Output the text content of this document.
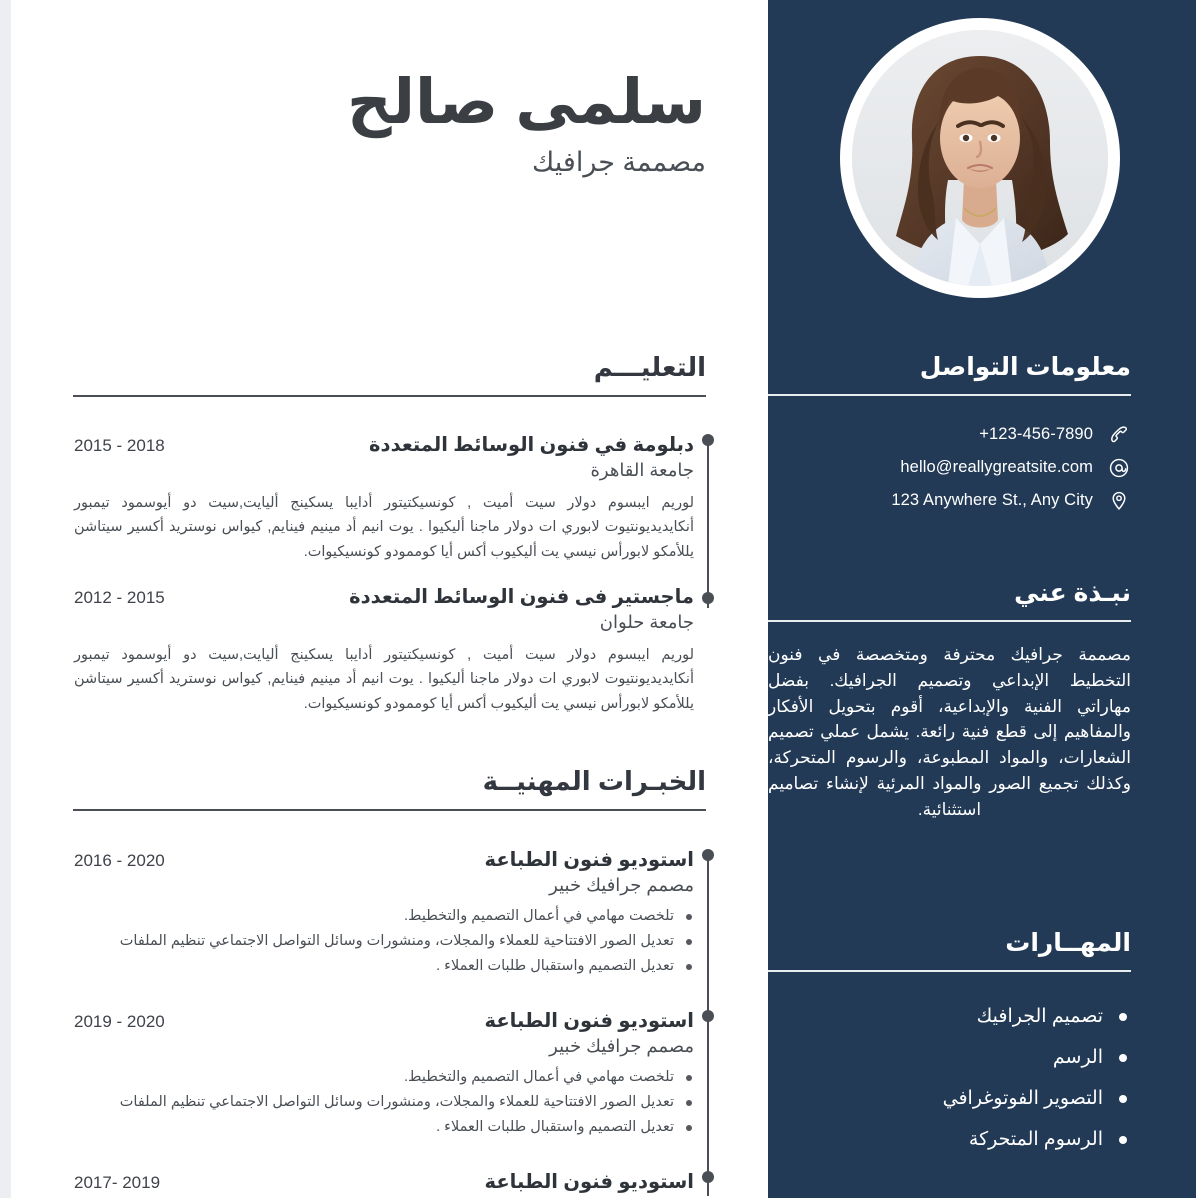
سلمى صالح
مصممة جرافيك
التعليـــم
دبلومة في فنون الوسائط المتعددة
2015 - 2018
جامعة القاهرة
لوريم ايبسوم دولار سيت أميت , كونسيكتيتور أدايبا يسكينج أليايت,سيت دو أيوسمود تيمبور أنكايديديونتيوت لابوري ات دولار ماجنا أليكيوا . يوت انيم أد مينيم فينايم, كيواس نوستريد أكسير سيتاشن يللأمكو لابورأس نيسي يت أليكيوب أكس أيا كوممودو كونسيكيوات.
ماجستير فى فنون الوسائط المتعددة
2012 - 2015
جامعة حلوان
لوريم ايبسوم دولار سيت أميت , كونسيكتيتور أدايبا يسكينج أليايت,سيت دو أيوسمود تيمبور أنكايديديونتيوت لابوري ات دولار ماجنا أليكيوا . يوت انيم أد مينيم فينايم, كيواس نوستريد أكسير سيتاشن يللأمكو لابورأس نيسي يت أليكيوب أكس أيا كوممودو كونسيكيوات.
الخبـرات المهنيــة
استوديو فنون الطباعة
2016 - 2020
مصمم جرافيك خبير
تلخصت مهامي في أعمال التصميم والتخطيط.
تعديل الصور الافتتاحية للعملاء والمجلات، ومنشورات وسائل التواصل الاجتماعي تنظيم الملفات
تعديل التصميم واستقبال طلبات العملاء .
استوديو فنون الطباعة
2019 - 2020
مصمم جرافيك خبير
تلخصت مهامي في أعمال التصميم والتخطيط.
تعديل الصور الافتتاحية للعملاء والمجلات، ومنشورات وسائل التواصل الاجتماعي تنظيم الملفات
تعديل التصميم واستقبال طلبات العملاء .
استوديو فنون الطباعة
2017- 2019
معلومات التواصل
+123-456-7890
hello@reallygreatsite.com
123 Anywhere St., Any City
نبـذة عني
مصممة جرافيك محترفة ومتخصصة في فنون التخطيط الإبداعي وتصميم الجرافيك. بفضل مهاراتي الفنية والإبداعية، أقوم بتحويل الأفكار والمفاهيم إلى قطع فنية رائعة. يشمل عملي تصميم الشعارات، والمواد المطبوعة، والرسوم المتحركة، وكذلك تجميع الصور والمواد المرئية لإنشاء تصاميم استثنائية.
المهــارات
تصميم الجرافيك
الرسم
التصوير الفوتوغرافي
الرسوم المتحركة
